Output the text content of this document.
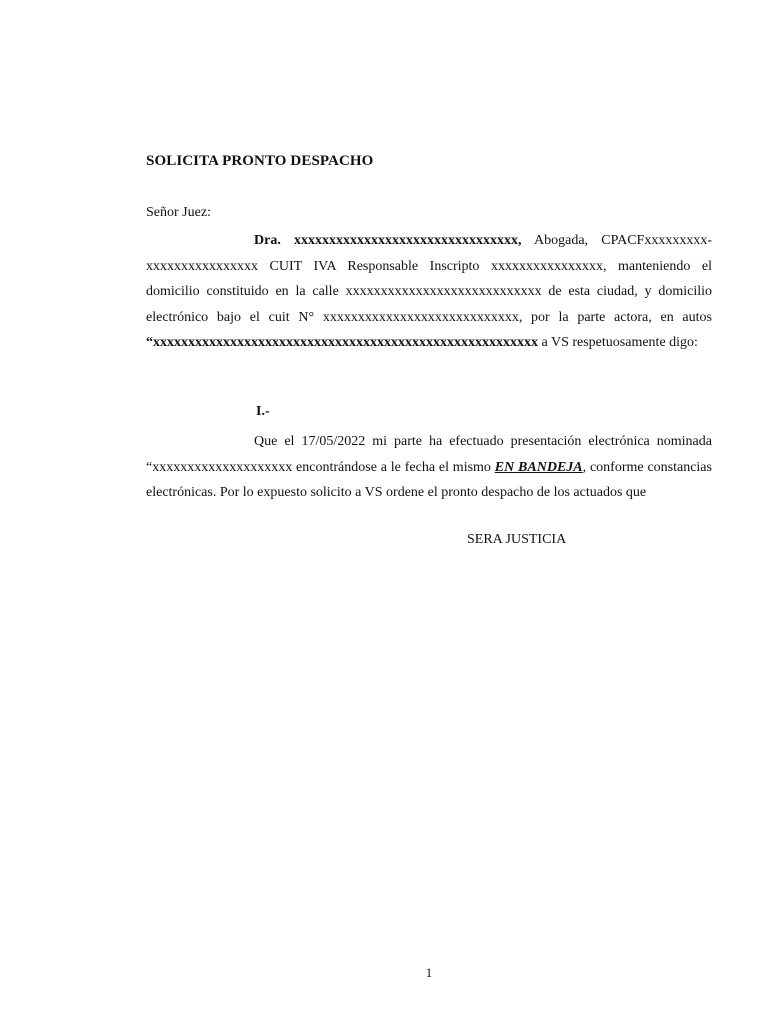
SOLICITA PRONTO DESPACHO
Señor Juez:
Dra. xxxxxxxxxxxxxxxxxxxxxxxxxxxxxxxx, Abogada, CPACFxxxxxxxxx-xxxxxxxxxxxxxxxx CUIT IVA Responsable Inscripto xxxxxxxxxxxxxxxx, manteniendo el domicilio constituido en la calle xxxxxxxxxxxxxxxxxxxxxxxxxxxx de esta ciudad, y domicilio electrónico bajo el cuit N° xxxxxxxxxxxxxxxxxxxxxxxxxxxx, por la parte actora, en autos “xxxxxxxxxxxxxxxxxxxxxxxxxxxxxxxxxxxxxxxxxxxxxxxxxxxxxxx a VS respetuosamente digo:
I.-
Que el 17/05/2022 mi parte ha efectuado presentación electrónica nominada “xxxxxxxxxxxxxxxxxxxx encontrándose a le fecha el mismo EN BANDEJA, conforme constancias electrónicas. Por lo expuesto solicito a VS ordene el pronto despacho de los actuados que
SERA JUSTICIA
1
